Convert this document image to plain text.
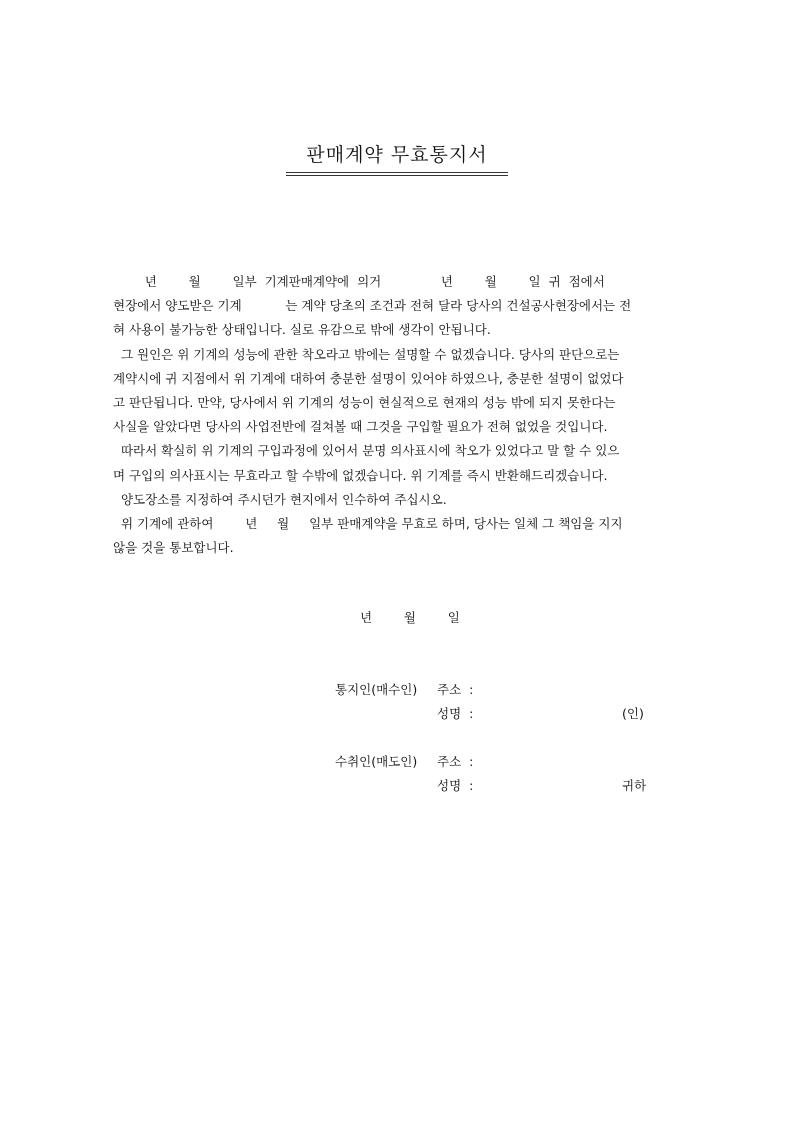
판매계약 무효통지서

년        월        일부  기계판매계약에  의거               년        월        일  귀  점에서
현장에서 양도받은 기계           는 계약 당초의 조건과 전혀 달라 당사의 건설공사현장에서는 전
혀 사용이 불가능한 상태입니다. 실로 유감으로 밖에 생각이 안됩니다.

그 원인은 위 기계의 성능에 관한 착오라고 밖에는 설명할 수 없겠습니다. 당사의 판단으로는
계약시에 귀 지점에서 위 기계에 대하여 충분한 설명이 있어야 하였으나, 충분한 설명이 없었다
고 판단됩니다. 만약, 당사에서 위 기계의 성능이 현실적으로 현재의 성능 밖에 되지 못한다는
사실을 알았다면 당사의 사업전반에 걸쳐볼 때 그것을 구입할 필요가 전혀 없었을 것입니다.

따라서 확실히 위 기계의 구입과정에 있어서 분명 의사표시에 착오가 있었다고 말 할 수 있으
며 구입의 의사표시는 무효라고 할 수밖에 없겠습니다. 위 기계를 즉시 반환해드리겠습니다.

양도장소를 지정하여 주시던가 현지에서 인수하여 주십시오.

위 기계에 관하여        년     월     일부 판매계약을 무효로 하며, 당사는 일체 그 책임을 지지
않을 것을 통보합니다.

년        월        일
통지인(매수인) 주소  :
성명  :	(인)
수취인(매도인) 주소  :
성명  :	귀하
